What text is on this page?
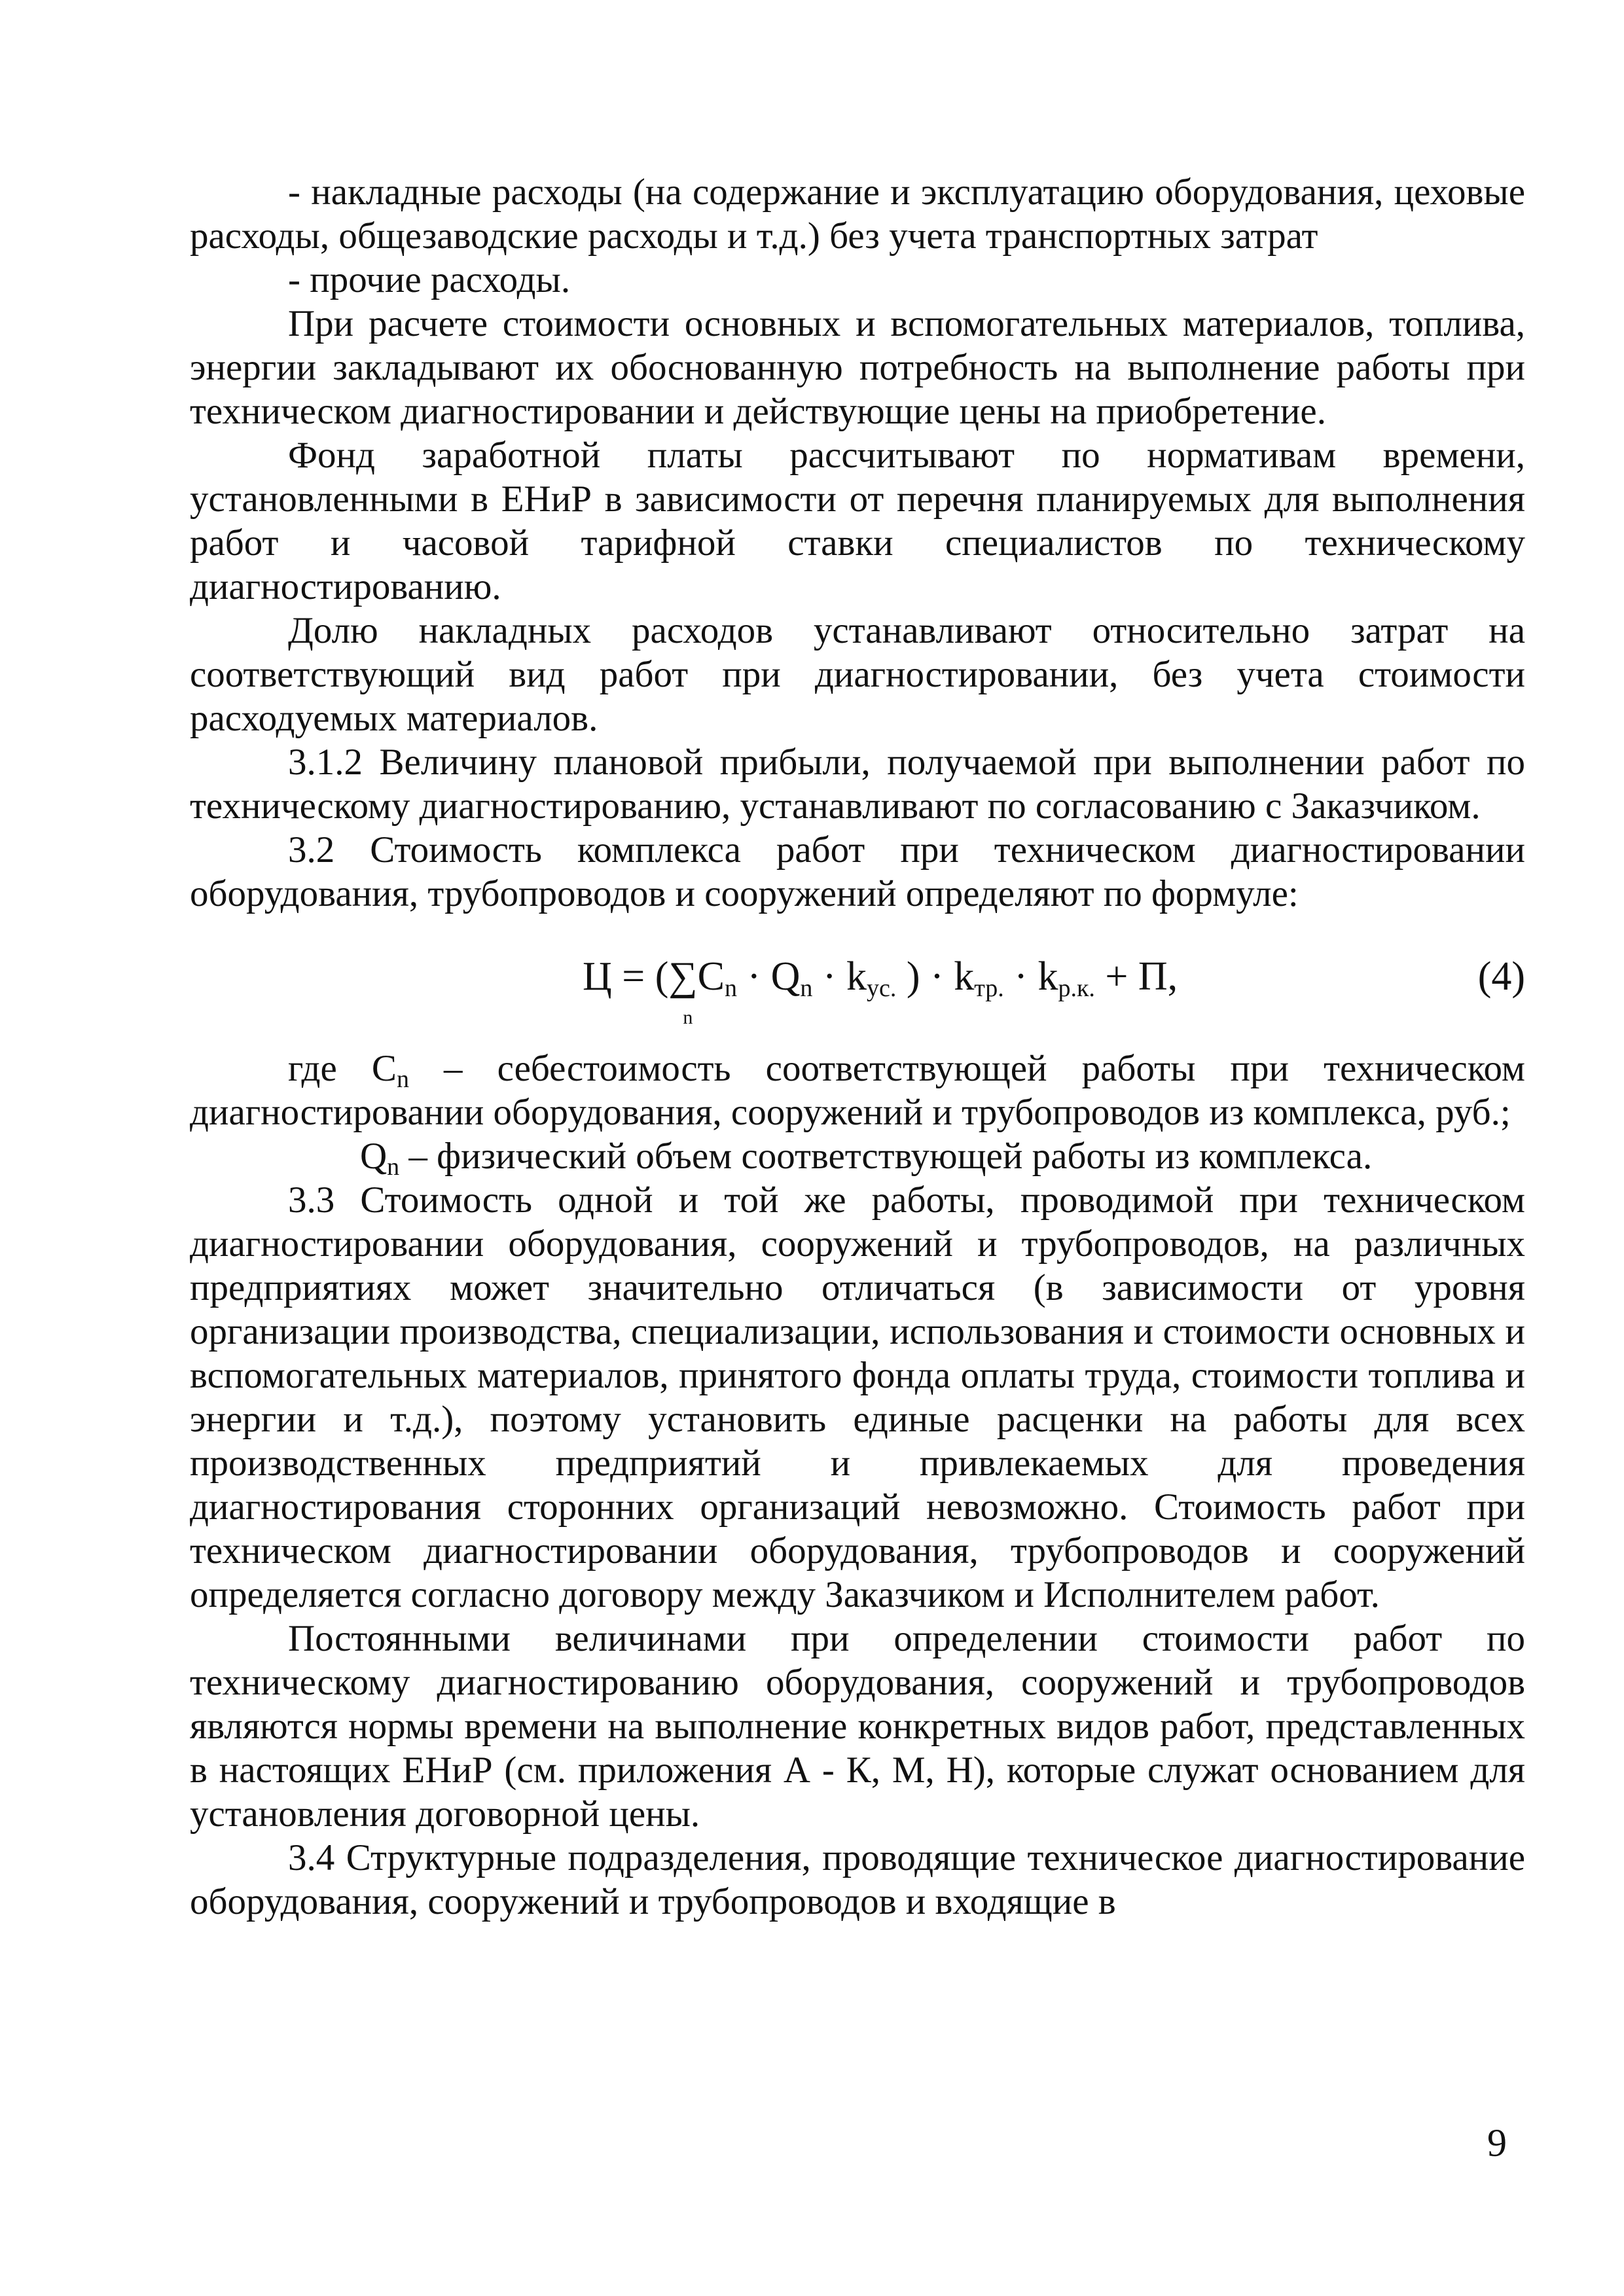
- накладные расходы (на содержание и эксплуатацию оборудования, цеховые расходы, общезаводские расходы и т.д.) без учета транспортных затрат

- прочие расходы.

При расчете стоимости основных и вспомогательных материалов, топлива, энергии закладывают их обоснованную потребность на выполнение работы при техническом диагностировании и действующие цены на приобретение.

Фонд заработной платы рассчитывают по нормативам времени, установленными в ЕНиР в зависимости от перечня планируемых для выполнения работ и часовой тарифной ставки специалистов по техническому диагностированию.

Долю накладных расходов устанавливают относительно затрат на соответствующий вид работ при диагностировании, без учета стоимости расходуемых материалов.

3.1.2 Величину плановой прибыли, получаемой при выполнении работ по техническому диагностированию, устанавливают по согласованию с Заказчиком.

3.2 Стоимость комплекса работ при техническом диагностировании оборудования, трубопроводов и сооружений определяют по формуле:

Ц = (∑
n
$C_n \cdot Q_n \cdot k_{ус.}$ ) · $k_{тр.} \cdot k_{р.к.} + П$,	(4)

где $C_n$ – себестоимость соответствующей работы при техническом диагностировании оборудования, сооружений и трубопроводов из комплекса, руб.;

$Q_n$ – физический объем соответствующей работы из комплекса.

3.3 Стоимость одной и той же работы, проводимой при техническом диагностировании оборудования, сооружений и трубопроводов, на различных предприятиях может значительно отличаться (в зависимости от уровня организации производства, специализации, использования и стоимости основных и вспомогательных материалов, принятого фонда оплаты труда, стоимости топлива и энергии и т.д.), поэтому установить единые расценки на работы для всех производственных предприятий и привлекаемых для проведения диагностирования сторонних организаций невозможно. Стоимость работ при техническом диагностировании оборудования, трубопроводов и сооружений определяется согласно договору между Заказчиком и Исполнителем работ.

Постоянными величинами при определении стоимости работ по техническому диагностированию оборудования, сооружений и трубопроводов являются нормы времени на выполнение конкретных видов работ, представленных в настоящих ЕНиР (см. приложения А - К, М, Н), которые служат основанием для установления договорной цены.

3.4 Структурные подразделения, проводящие техническое диагностирование оборудования, сооружений и трубопроводов и входящие в

9
